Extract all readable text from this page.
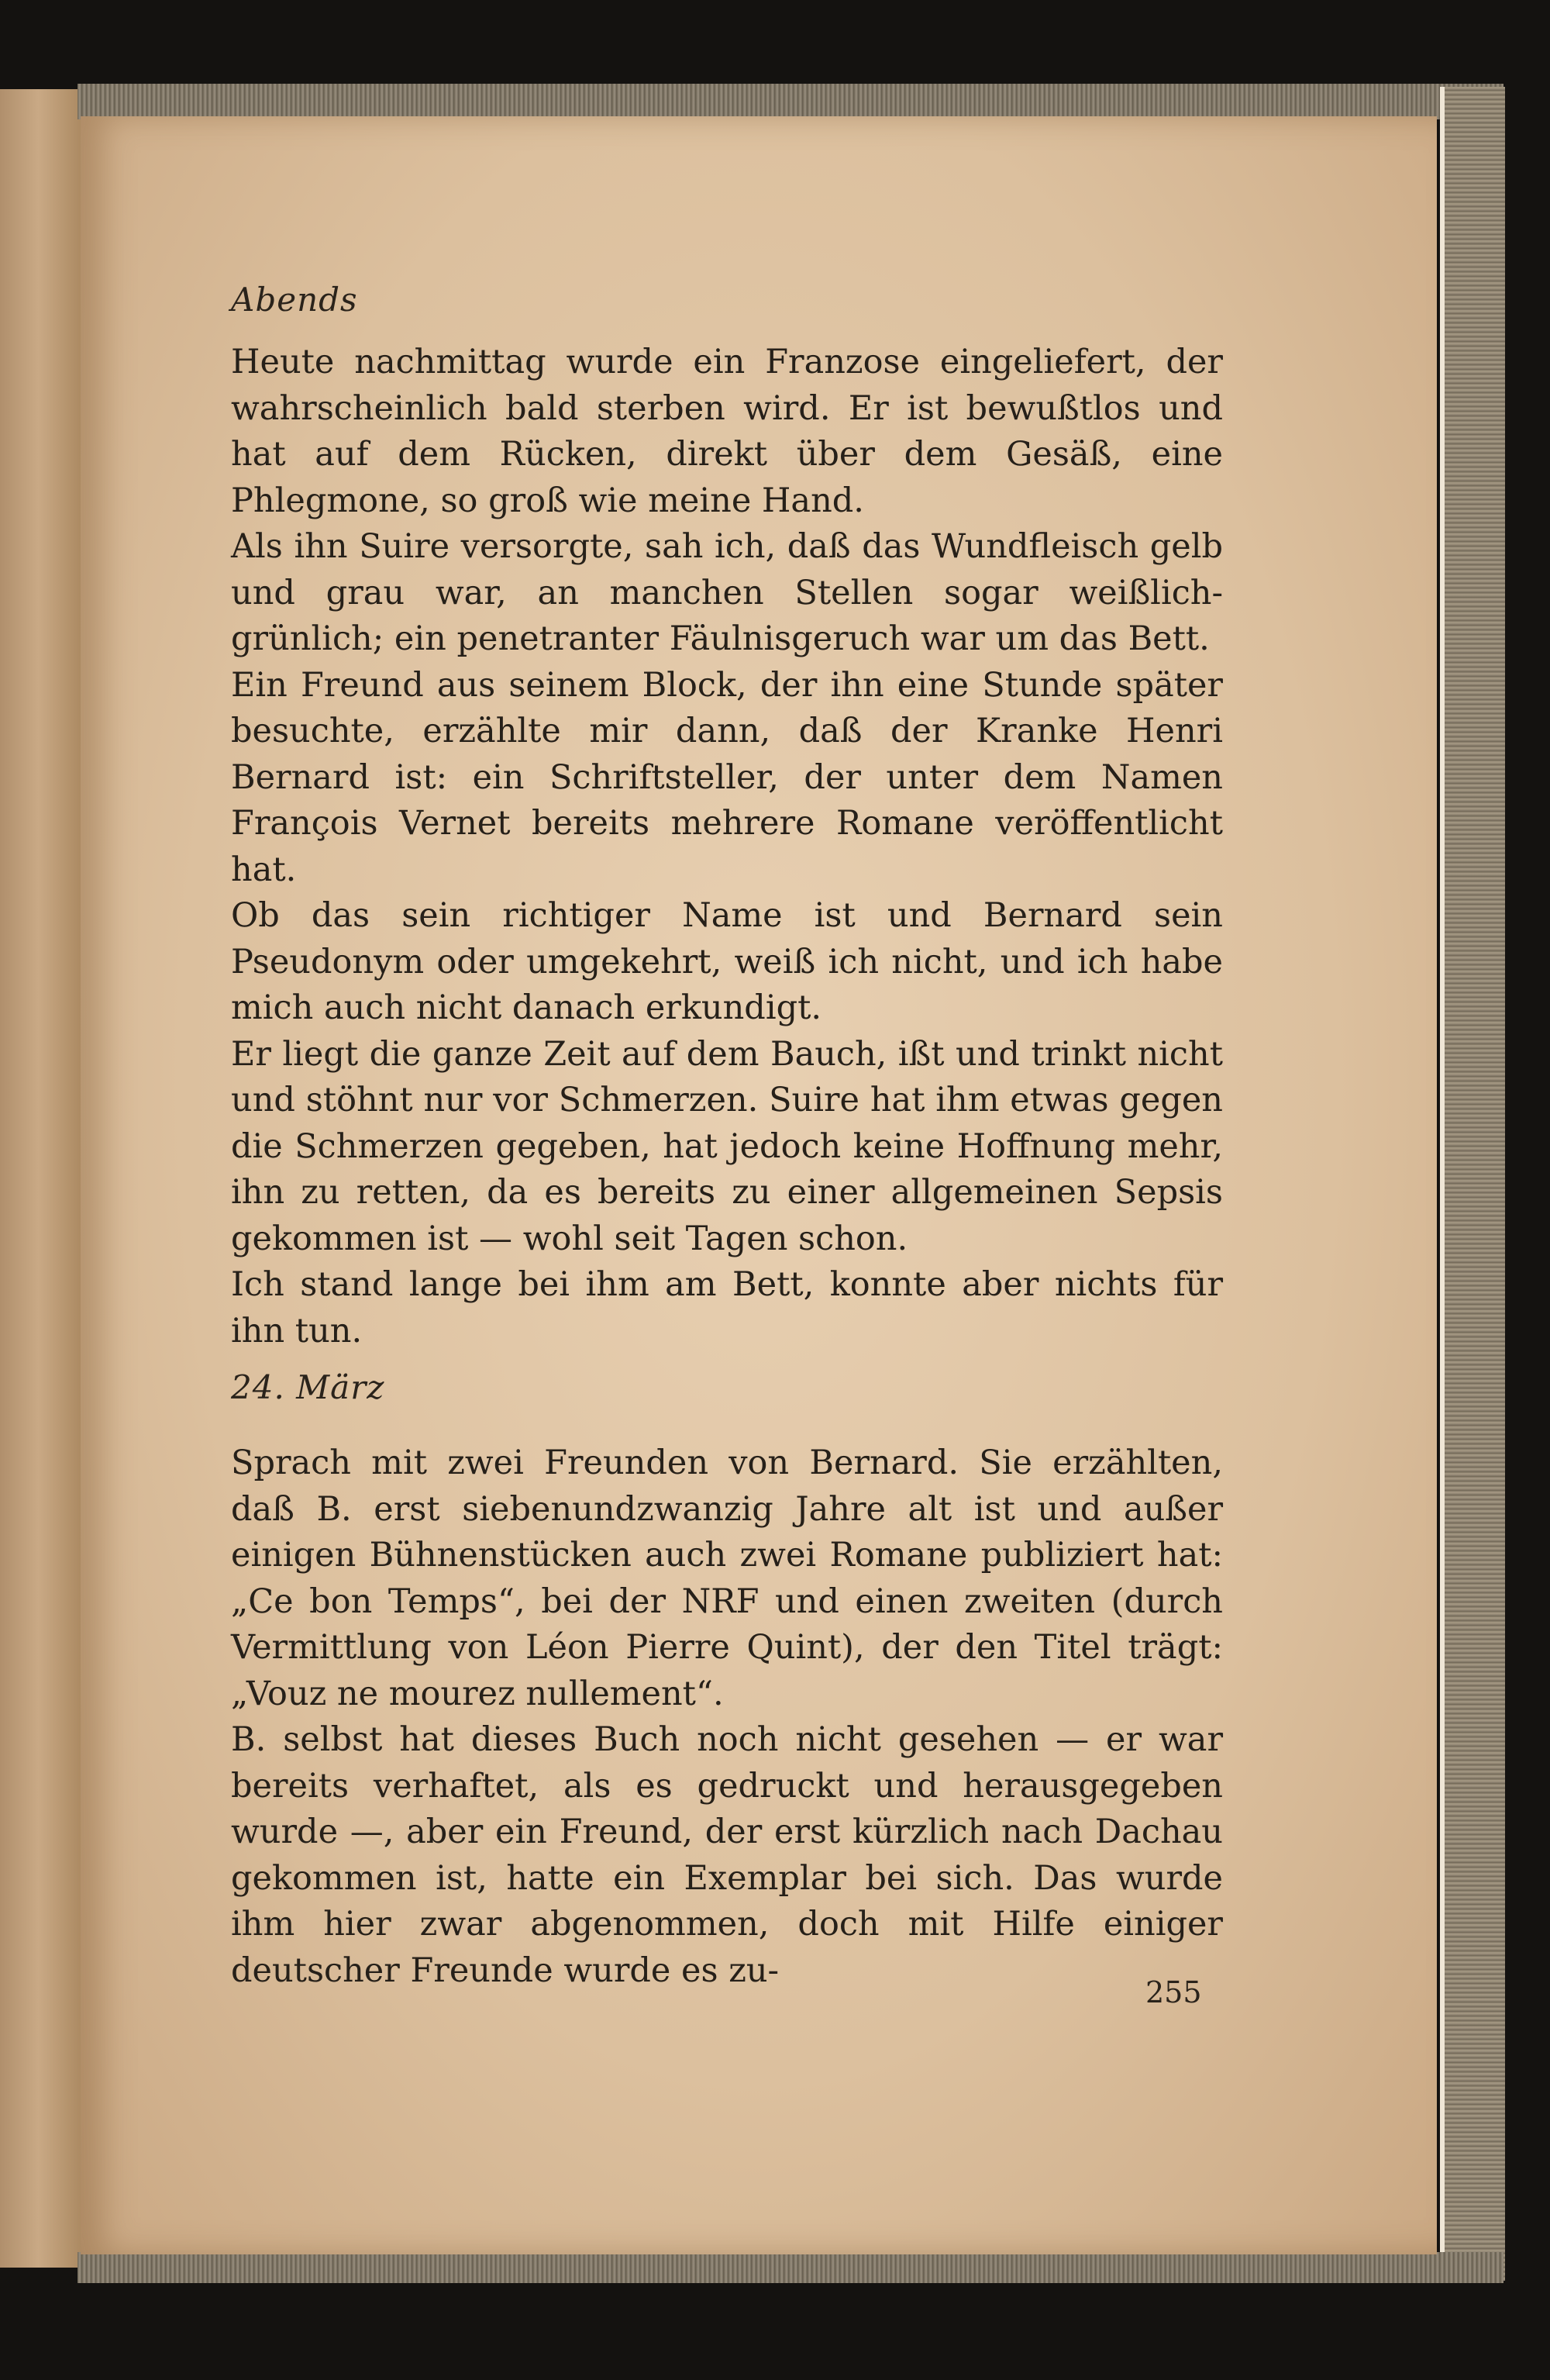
Abends

Heute nachmittag wurde ein Franzose eingeliefert, der wahrscheinlich bald sterben wird. Er ist bewußtlos und hat auf dem Rücken, direkt über dem Gesäß, eine Phlegmone, so groß wie meine Hand.

Als ihn Suire versorgte, sah ich, daß das Wundfleisch gelb und grau war, an manchen Stellen sogar weißlich-grünlich; ein penetranter Fäulnisgeruch war um das Bett.

Ein Freund aus seinem Block, der ihn eine Stunde später besuchte, erzählte mir dann, daß der Kranke Henri Bernard ist: ein Schriftsteller, der unter dem Namen François Vernet bereits mehrere Romane veröffentlicht hat.

Ob das sein richtiger Name ist und Bernard sein Pseudonym oder umgekehrt, weiß ich nicht, und ich habe mich auch nicht danach erkundigt.

Er liegt die ganze Zeit auf dem Bauch, ißt und trinkt nicht und stöhnt nur vor Schmerzen. Suire hat ihm etwas gegen die Schmerzen gegeben, hat jedoch keine Hoffnung mehr, ihn zu retten, da es bereits zu einer allgemeinen Sepsis gekommen ist — wohl seit Tagen schon.

Ich stand lange bei ihm am Bett, konnte aber nichts für ihn tun.

24. März

Sprach mit zwei Freunden von Bernard. Sie erzählten, daß B. erst siebenundzwanzig Jahre alt ist und außer einigen Bühnenstücken auch zwei Romane publiziert hat: „Ce bon Temps“, bei der NRF und einen zweiten (durch Vermittlung von Léon Pierre Quint), der den Titel trägt: „Vouz ne mourez nullement“.

B. selbst hat dieses Buch noch nicht gesehen — er war bereits verhaftet, als es gedruckt und herausgegeben wurde —, aber ein Freund, der erst kürzlich nach Dachau gekommen ist, hatte ein Exemplar bei sich. Das wurde ihm hier zwar abgenommen, doch mit Hilfe einiger deutscher Freunde wurde es zu-

255
